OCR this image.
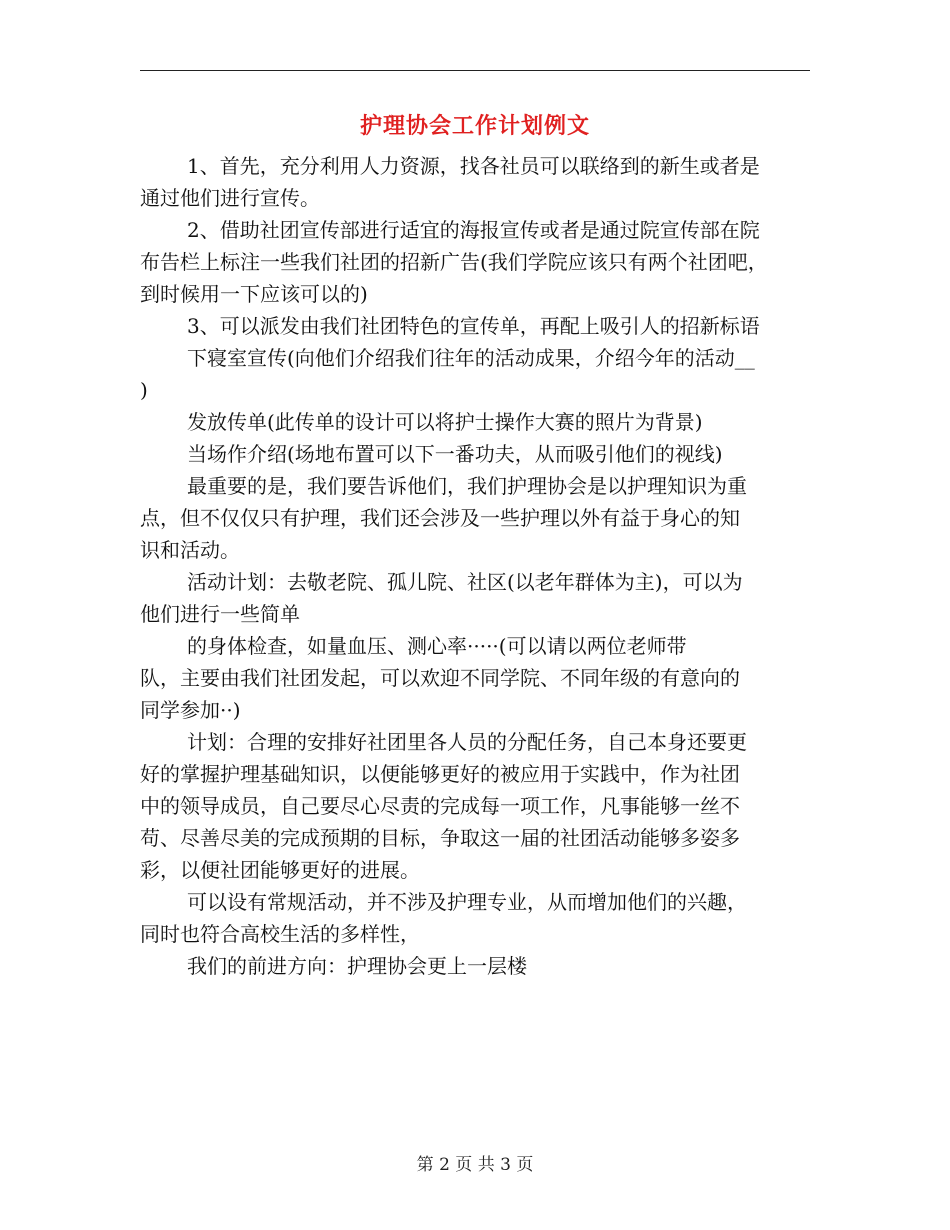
护理协会工作计划例文
1、首先，充分利用人力资源，找各社员可以联络到的新生或者是
通过他们进行宣传。
2、借助社团宣传部进行适宜的海报宣传或者是通过院宣传部在院
布告栏上标注一些我们社团的招新广告(我们学院应该只有两个社团吧，
到时候用一下应该可以的)
3、可以派发由我们社团特色的宣传单，再配上吸引人的招新标语
下寝室宣传(向他们介绍我们往年的活动成果，介绍今年的活动__
)
发放传单(此传单的设计可以将护士操作大赛的照片为背景)
当场作介绍(场地布置可以下一番功夫，从而吸引他们的视线)
最重要的是，我们要告诉他们，我们护理协会是以护理知识为重
点，但不仅仅只有护理，我们还会涉及一些护理以外有益于身心的知
识和活动。
活动计划：去敬老院、孤儿院、社区(以老年群体为主)，可以为
他们进行一些简单
的身体检查，如量血压、测心率·····(可以请以两位老师带
队，主要由我们社团发起，可以欢迎不同学院、不同年级的有意向的
同学参加··)
计划：合理的安排好社团里各人员的分配任务，自己本身还要更
好的掌握护理基础知识，以便能够更好的被应用于实践中，作为社团
中的领导成员，自己要尽心尽责的完成每一项工作，凡事能够一丝不
苟、尽善尽美的完成预期的目标，争取这一届的社团活动能够多姿多
彩，以便社团能够更好的进展。
可以设有常规活动，并不涉及护理专业，从而增加他们的兴趣，
同时也符合高校生活的多样性，
我们的前进方向：护理协会更上一层楼
第 2 页 共 3 页
